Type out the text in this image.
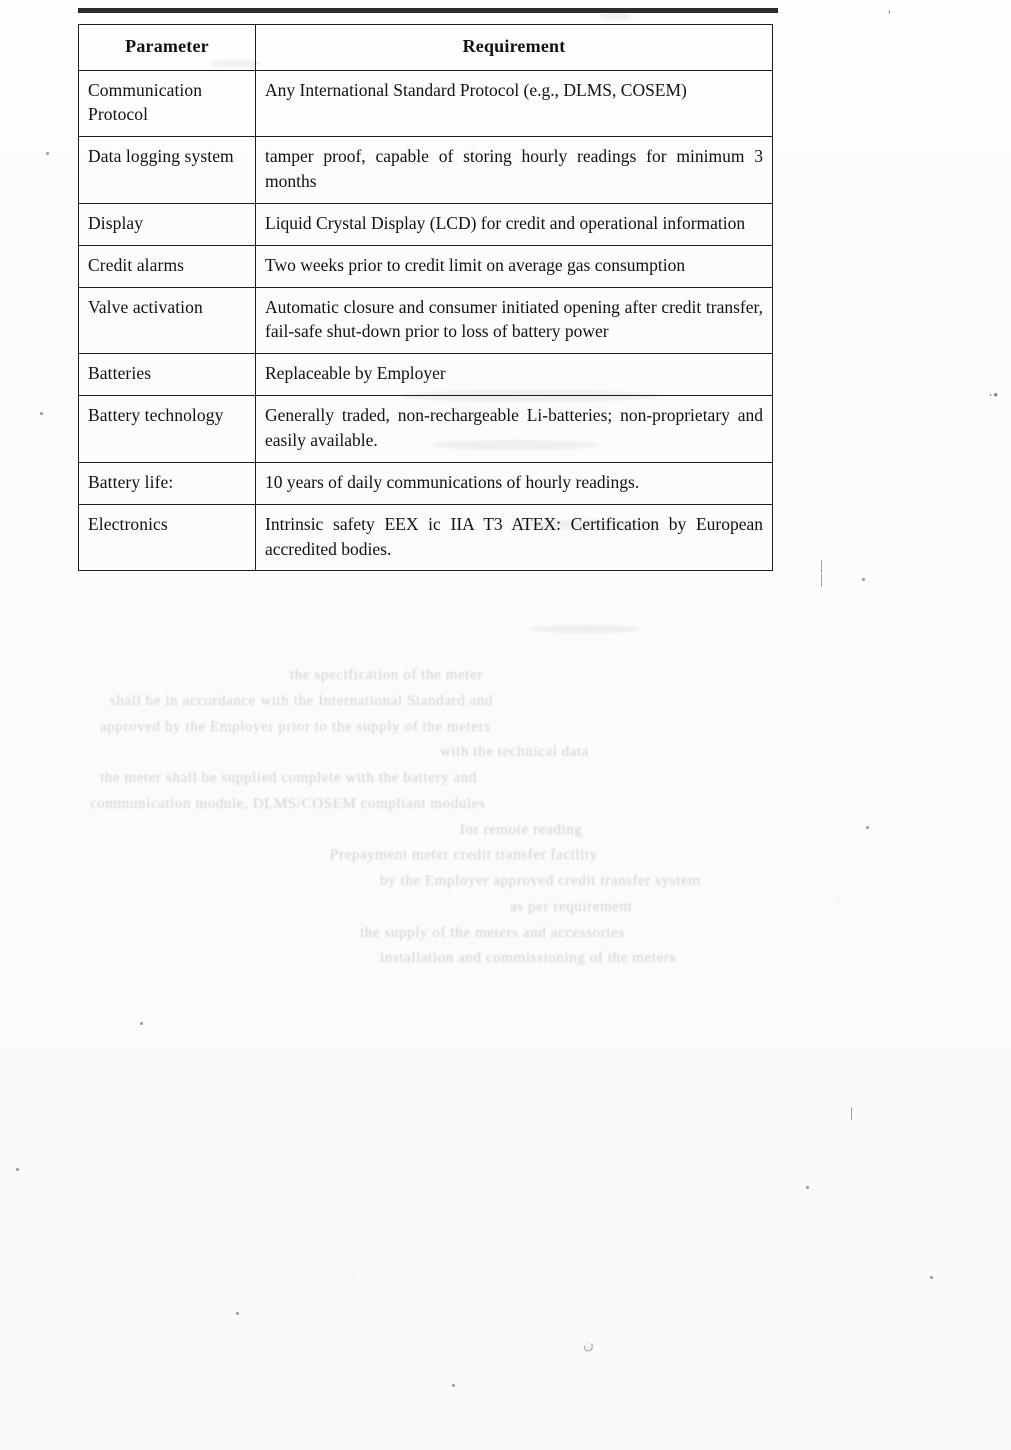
Parameter	Requirement
Communication Protocol	Any International Standard Protocol (e.g., DLMS, COSEM)
Data logging system	tamper proof, capable of storing hourly readings for minimum 3 months
Display	Liquid Crystal Display (LCD) for credit and operational information
Credit alarms	Two weeks prior to credit limit on average gas consumption
Valve activation	Automatic closure and consumer initiated opening after credit transfer, fail-safe shut-down prior to loss of battery power
Batteries	Replaceable by Employer
Battery technology	Generally traded, non-rechargeable Li-batteries; non-proprietary and easily available.
Battery life:	10 years of daily communications of hourly readings.
Electronics	Intrinsic safety EEX ic IIA T3 ATEX: Certification by European accredited bodies.
the specification of the meter
shall be in accordance with the International Standard and
approved by the Employer prior to the supply of the meters
with the technical data
the meter shall be supplied complete with the battery and
communication module, DLMS/COSEM compliant modules
for remote reading
Prepayment meter credit transfer facility
by the Employer approved credit transfer system
as per requirement
the supply of the meters and accessories
installation and commissioning of the meters
'
·•
|
|
|
ن
